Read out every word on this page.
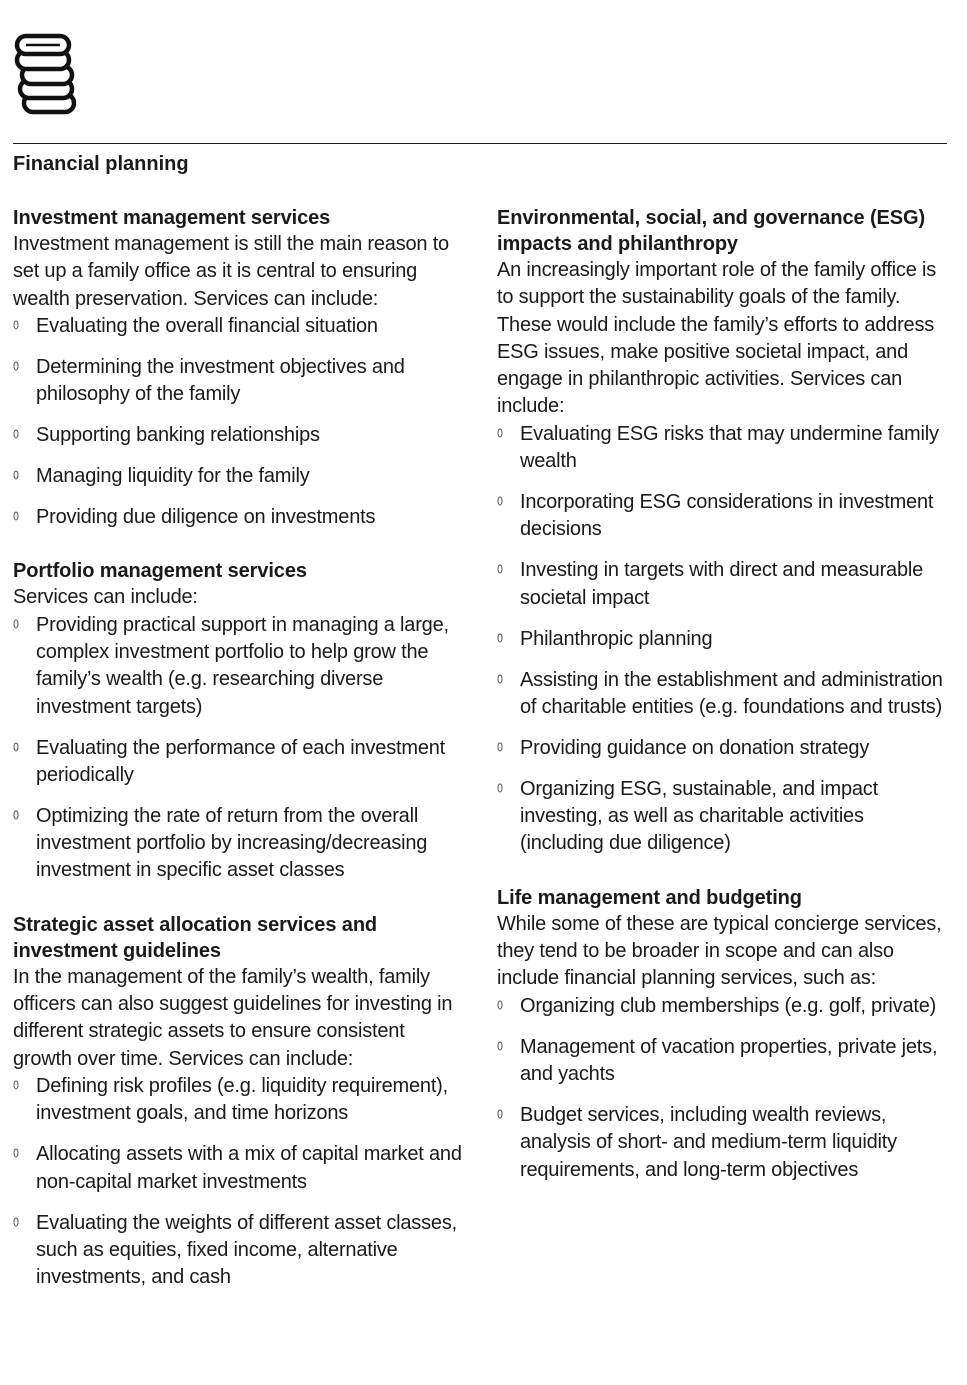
Financial planning
Investment management services

Investment management is still the main reason to set up a family office as it is central to ensuring wealth preservation. Services can include:

Evaluating the overall financial situation
Determining the investment objectives and philosophy of the family
Supporting banking relationships
Managing liquidity for the family
Providing due diligence on investments
Portfolio management services

Services can include:

Providing practical support in managing a large, complex investment portfolio to help grow the family’s wealth (e.g. researching diverse investment targets)
Evaluating the performance of each investment periodically
Optimizing the rate of return from the overall investment portfolio by increasing/decreasing investment in specific asset classes
Strategic asset allocation services and investment guidelines

In the management of the family’s wealth, family officers can also suggest guidelines for investing in different strategic assets to ensure consistent growth over time. Services can include:

Defining risk profiles (e.g. liquidity requirement), investment goals, and time horizons
Allocating assets with a mix of capital market and non-capital market investments
Evaluating the weights of different asset classes, such as equities, fixed income, alternative investments, and cash
Environmental, social, and governance (ESG) impacts and philanthropy

An increasingly important role of the family office is to support the sustainability goals of the family. These would include the family’s efforts to address ESG issues, make positive societal impact, and engage in philanthropic activities. Services can include:

Evaluating ESG risks that may undermine family wealth
Incorporating ESG considerations in investment decisions
Investing in targets with direct and measurable societal impact
Philanthropic planning
Assisting in the establishment and administration of charitable entities (e.g. foundations and trusts)
Providing guidance on donation strategy
Organizing ESG, sustainable, and impact investing, as well as charitable activities (including due diligence)
Life management and budgeting

While some of these are typical concierge services, they tend to be broader in scope and can also include financial planning services, such as:

Organizing club memberships (e.g. golf, private)
Management of vacation properties, private jets, and yachts
Budget services, including wealth reviews, analysis of short- and medium-term liquidity requirements, and long-term objectives
